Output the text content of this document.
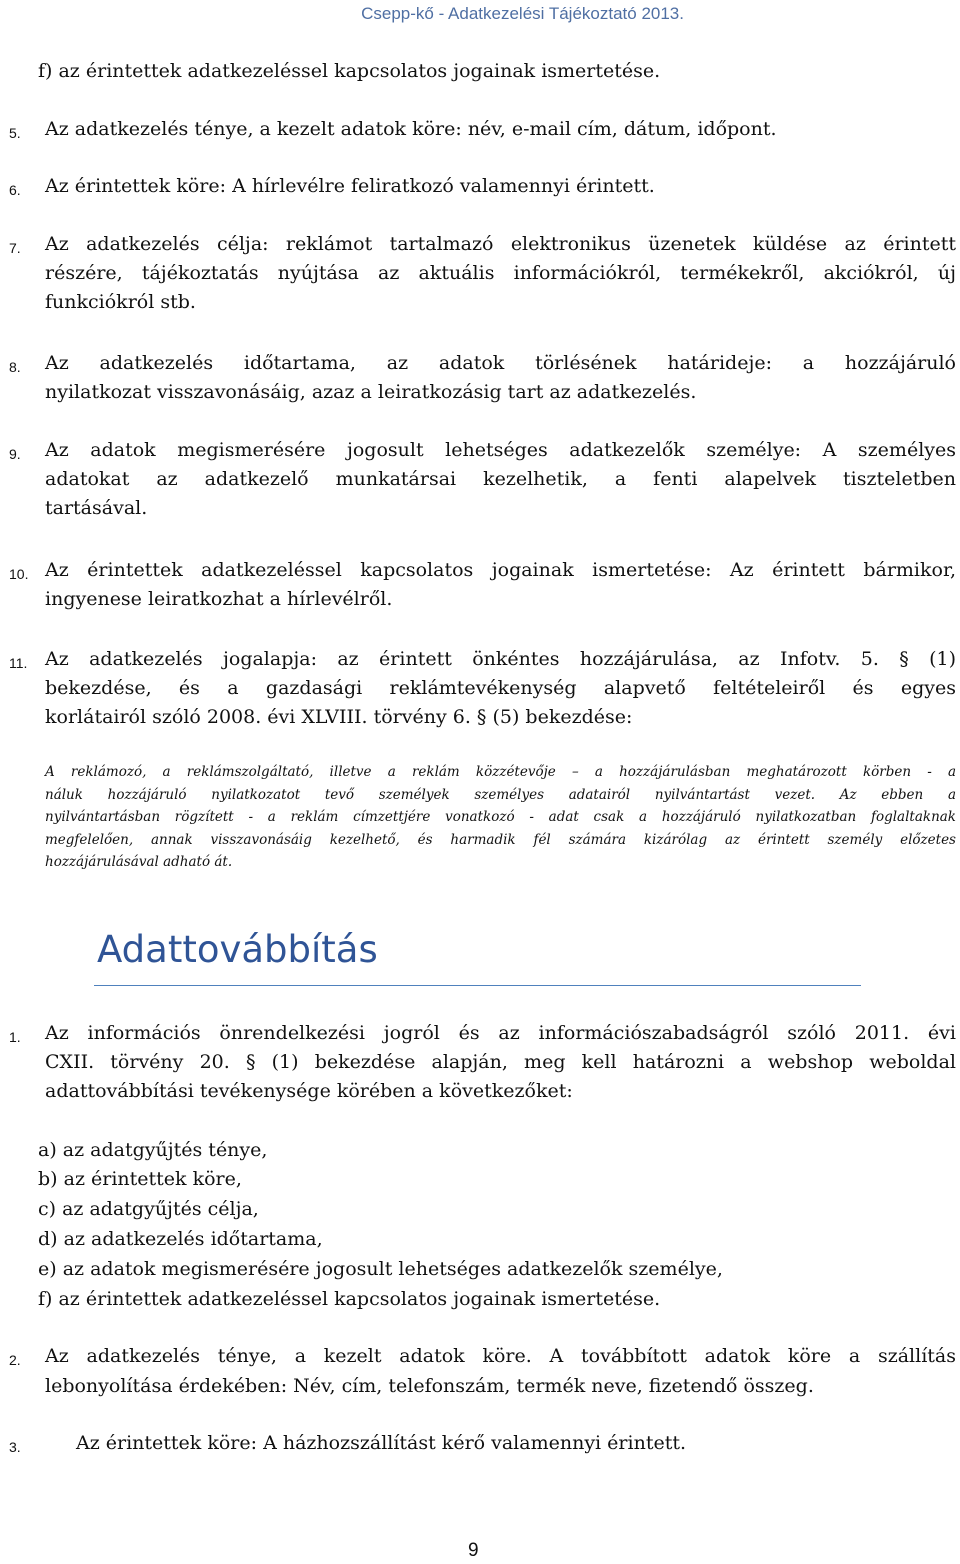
Csepp-kő - Adatkezelési Tájékoztató 2013.
f) az érintettek adatkezeléssel kapcsolatos jogainak ismertetése.
5. Az adatkezelés ténye, a kezelt adatok köre: név, e-mail cím, dátum, időpont.
6. Az érintettek köre: A hírlevélre feliratkozó valamennyi érintett.
7. Az adatkezelés célja: reklámot tartalmazó elektronikus üzenetek küldése az érintett
részére, tájékoztatás nyújtása az aktuális információkról, termékekről, akciókról, új
funkciókról stb.
8. Az adatkezelés időtartama, az adatok törlésének határideje: a hozzájáruló
nyilatkozat visszavonásáig, azaz a leiratkozásig tart az adatkezelés.
9. Az adatok megismerésére jogosult lehetséges adatkezelők személye: A személyes
adatokat az adatkezelő munkatársai kezelhetik, a fenti alapelvek tiszteletben
tartásával.
10. Az érintettek adatkezeléssel kapcsolatos jogainak ismertetése: Az érintett bármikor,
ingyenese leiratkozhat a hírlevélről.
11. Az adatkezelés jogalapja: az érintett önkéntes hozzájárulása, az Infotv. 5. § (1)
bekezdése, és a gazdasági reklámtevékenység alapvető feltételeiről és egyes
korlátairól szóló 2008. évi XLVIII. törvény 6. § (5) bekezdése:
A reklámozó, a reklámszolgáltató, illetve a reklám közzétevője – a hozzájárulásban meghatározott körben - a
náluk hozzájáruló nyilatkozatot tevő személyek személyes adatairól nyilvántartást vezet. Az ebben a
nyilvántartásban rögzített - a reklám címzettjére vonatkozó - adat csak a hozzájáruló nyilatkozatban foglaltaknak
megfelelően, annak visszavonásáig kezelhető, és harmadik fél számára kizárólag az érintett személy előzetes
hozzájárulásával adható át.
Adattovábbítás
1. Az információs önrendelkezési jogról és az információszabadságról szóló 2011. évi
CXII. törvény 20. § (1) bekezdése alapján, meg kell határozni a webshop weboldal
adattovábbítási tevékenysége körében a következőket:
a) az adatgyűjtés ténye,
b) az érintettek köre,
c) az adatgyűjtés célja,
d) az adatkezelés időtartama,
e) az adatok megismerésére jogosult lehetséges adatkezelők személye,
f) az érintettek adatkezeléssel kapcsolatos jogainak ismertetése.
2. Az adatkezelés ténye, a kezelt adatok köre. A továbbított adatok köre a szállítás
lebonyolítása érdekében: Név, cím, telefonszám, termék neve, fizetendő összeg.
3.	Az érintettek köre: A házhozszállítást kérő valamennyi érintett.
9
